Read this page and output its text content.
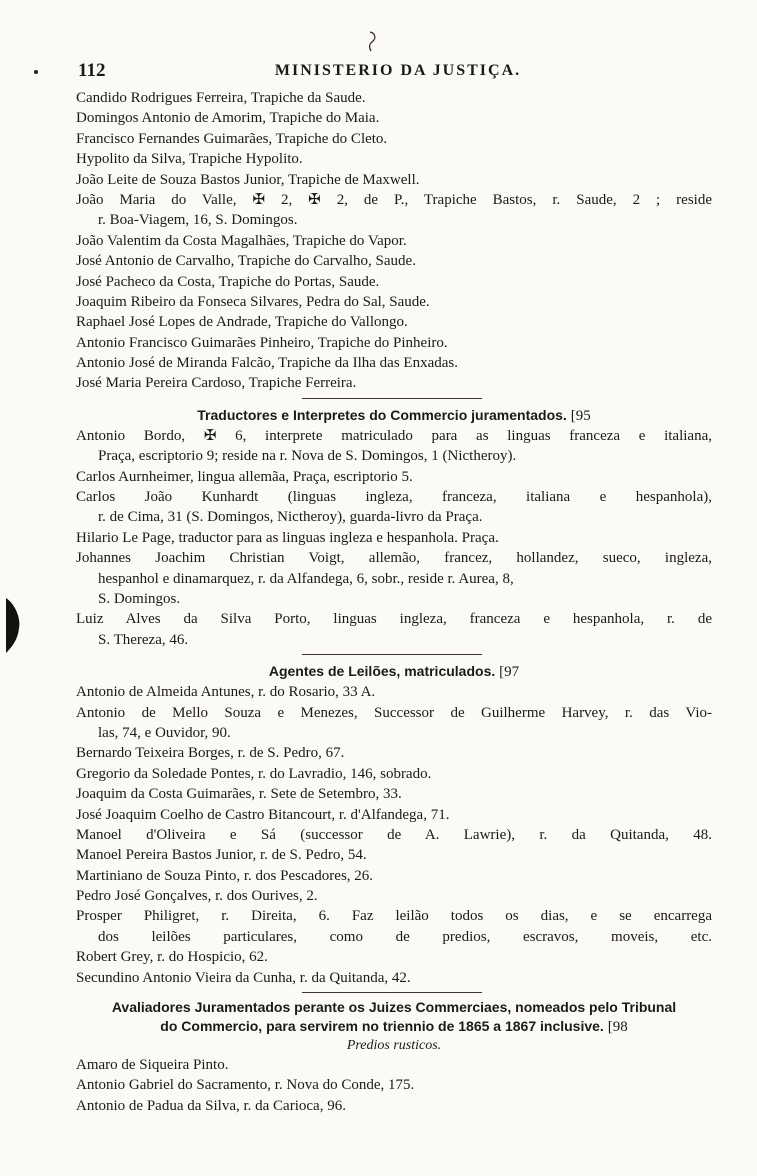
112	MINISTERIO DA JUSTIÇA.
Candido Rodrigues Ferreira, Trapiche da Saude.
Domingos Antonio de Amorim, Trapiche do Maia.
Francisco Fernandes Guimarães, Trapiche do Cleto.
Hypolito da Silva, Trapiche Hypolito.
João Leite de Souza Bastos Junior, Trapiche de Maxwell.
João Maria do Valle, ✠ 2, ✠ 2, de P., Trapiche Bastos, r. Saude, 2 ; reside
r. Boa-Viagem, 16, S. Domingos.
João Valentim da Costa Magalhães, Trapiche do Vapor.
José Antonio de Carvalho, Trapiche do Carvalho, Saude.
José Pacheco da Costa, Trapiche do Portas, Saude.
Joaquim Ribeiro da Fonseca Silvares, Pedra do Sal, Saude.
Raphael José Lopes de Andrade, Trapiche do Vallongo.
Antonio Francisco Guimarães Pinheiro, Trapiche do Pinheiro.
Antonio José de Miranda Falcão, Trapiche da Ilha das Enxadas.
José Maria Pereira Cardoso, Trapiche Ferreira.
Traductores e Interpretes do Commercio juramentados. [95
Antonio Bordo, ✠ 6, interprete matriculado para as linguas franceza e italiana,
Praça, escriptorio 9; reside na r. Nova de S. Domingos, 1 (Nictheroy).
Carlos Aurnheimer, lingua allemãa, Praça, escriptorio 5.
Carlos João Kunhardt (linguas ingleza, franceza, italiana e hespanhola),
r. de Cima, 31 (S. Domingos, Nictheroy), guarda-livro da Praça.
Hilario Le Page, traductor para as linguas ingleza e hespanhola. Praça.
Johannes Joachim Christian Voigt, allemão, francez, hollandez, sueco, ingleza,
hespanhol e dinamarquez, r. da Alfandega, 6, sobr., reside r. Aurea, 8,
S. Domingos.
Luiz Alves da Silva Porto, linguas ingleza, franceza e hespanhola, r. de
S. Thereza, 46.
Agentes de Leilões, matriculados. [97
Antonio de Almeida Antunes, r. do Rosario, 33 A.
Antonio de Mello Souza e Menezes, Successor de Guilherme Harvey, r. das Vio-
las, 74, e Ouvidor, 90.
Bernardo Teixeira Borges, r. de S. Pedro, 67.
Gregorio da Soledade Pontes, r. do Lavradio, 146, sobrado.
Joaquim da Costa Guimarães, r. Sete de Setembro, 33.
José Joaquim Coelho de Castro Bitancourt, r. d'Alfandega, 71.
Manoel d'Oliveira e Sá (successor de A. Lawrie), r. da Quitanda, 48.
Manoel Pereira Bastos Junior, r. de S. Pedro, 54.
Martiniano de Souza Pinto, r. dos Pescadores, 26.
Pedro José Gonçalves, r. dos Ourives, 2.
Prosper Philigret, r. Direita, 6. Faz leilão todos os dias, e se encarrega
dos leilões particulares, como de predios, escravos, moveis, etc.
Robert Grey, r. do Hospicio, 62.
Secundino Antonio Vieira da Cunha, r. da Quitanda, 42.
Avaliadores Juramentados perante os Juizes Commerciaes, nomeados pelo Tribunal
do Commercio, para servirem no triennio de 1865 a 1867 inclusive. [98
Predios rusticos.
Amaro de Siqueira Pinto.
Antonio Gabriel do Sacramento, r. Nova do Conde, 175.
Antonio de Padua da Silva, r. da Carioca, 96.
